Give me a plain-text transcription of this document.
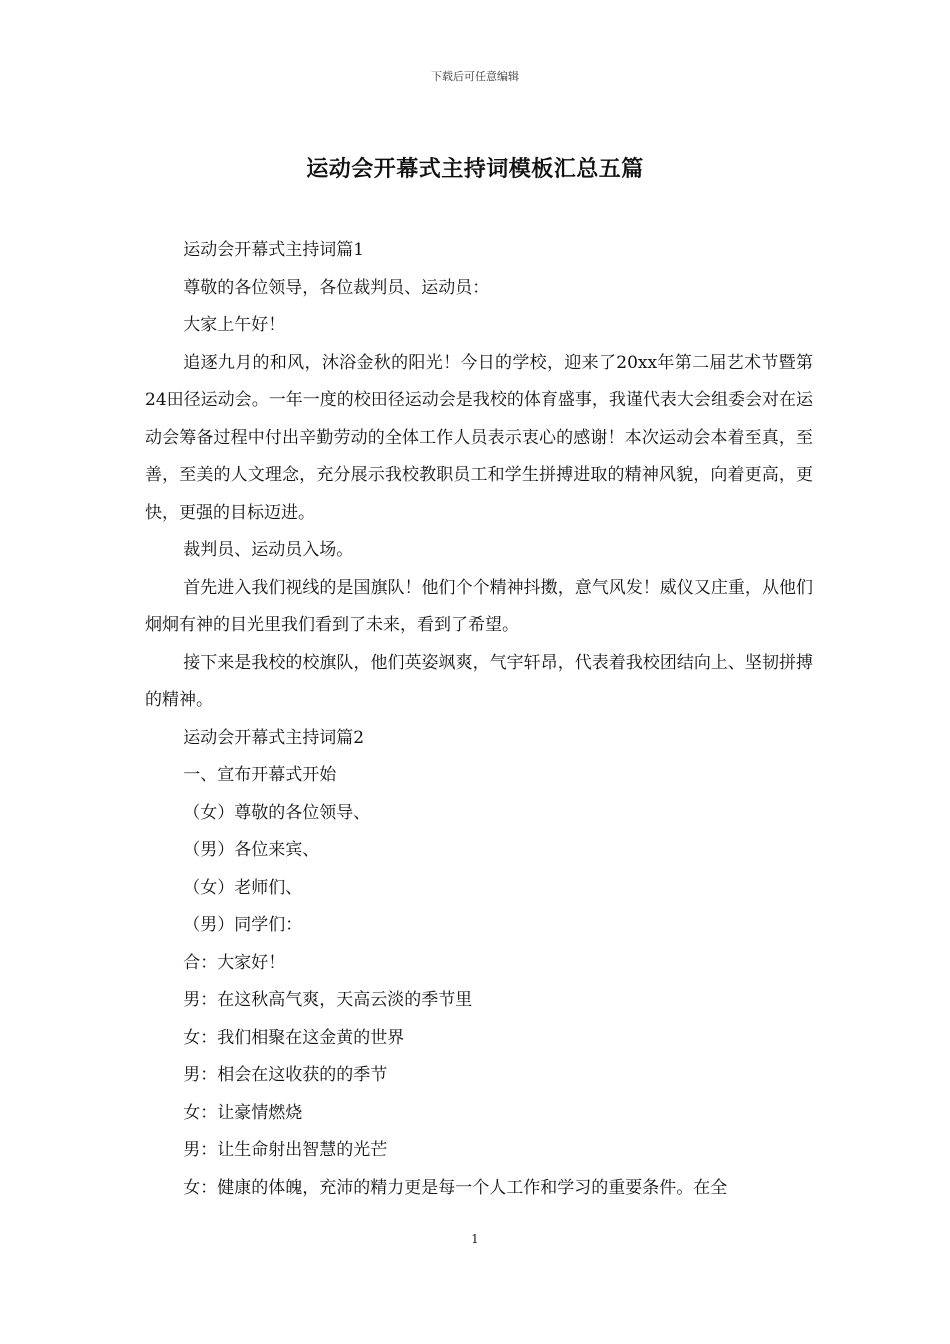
下载后可任意编辑
运动会开幕式主持词模板汇总五篇

运动会开幕式主持词篇1

尊敬的各位领导，各位裁判员、运动员：

大家上午好！

追逐九月的和风，沐浴金秋的阳光！今日的学校，迎来了20xx年第二届艺术节暨第24田径运动会。一年一度的校田径运动会是我校的体育盛事，我谨代表大会组委会对在运动会筹备过程中付出辛勤劳动的全体工作人员表示衷心的感谢！本次运动会本着至真，至善，至美的人文理念，充分展示我校教职员工和学生拼搏进取的精神风貌，向着更高，更快，更强的目标迈进。

裁判员、运动员入场。

首先进入我们视线的是国旗队！他们个个精神抖擞，意气风发！威仪又庄重，从他们炯炯有神的目光里我们看到了未来，看到了希望。

接下来是我校的校旗队，他们英姿飒爽，气宇轩昂，代表着我校团结向上、坚韧拼搏的精神。

运动会开幕式主持词篇2

一、宣布开幕式开始

（女）尊敬的各位领导、

（男）各位来宾、

（女）老师们、

（男）同学们：

合：大家好！

男：在这秋高气爽，天高云淡的季节里

女：我们相聚在这金黄的世界

男：相会在这收获的的季节

女：让豪情燃烧

男：让生命射出智慧的光芒

女：健康的体魄，充沛的精力更是每一个人工作和学习的重要条件。在全

1
